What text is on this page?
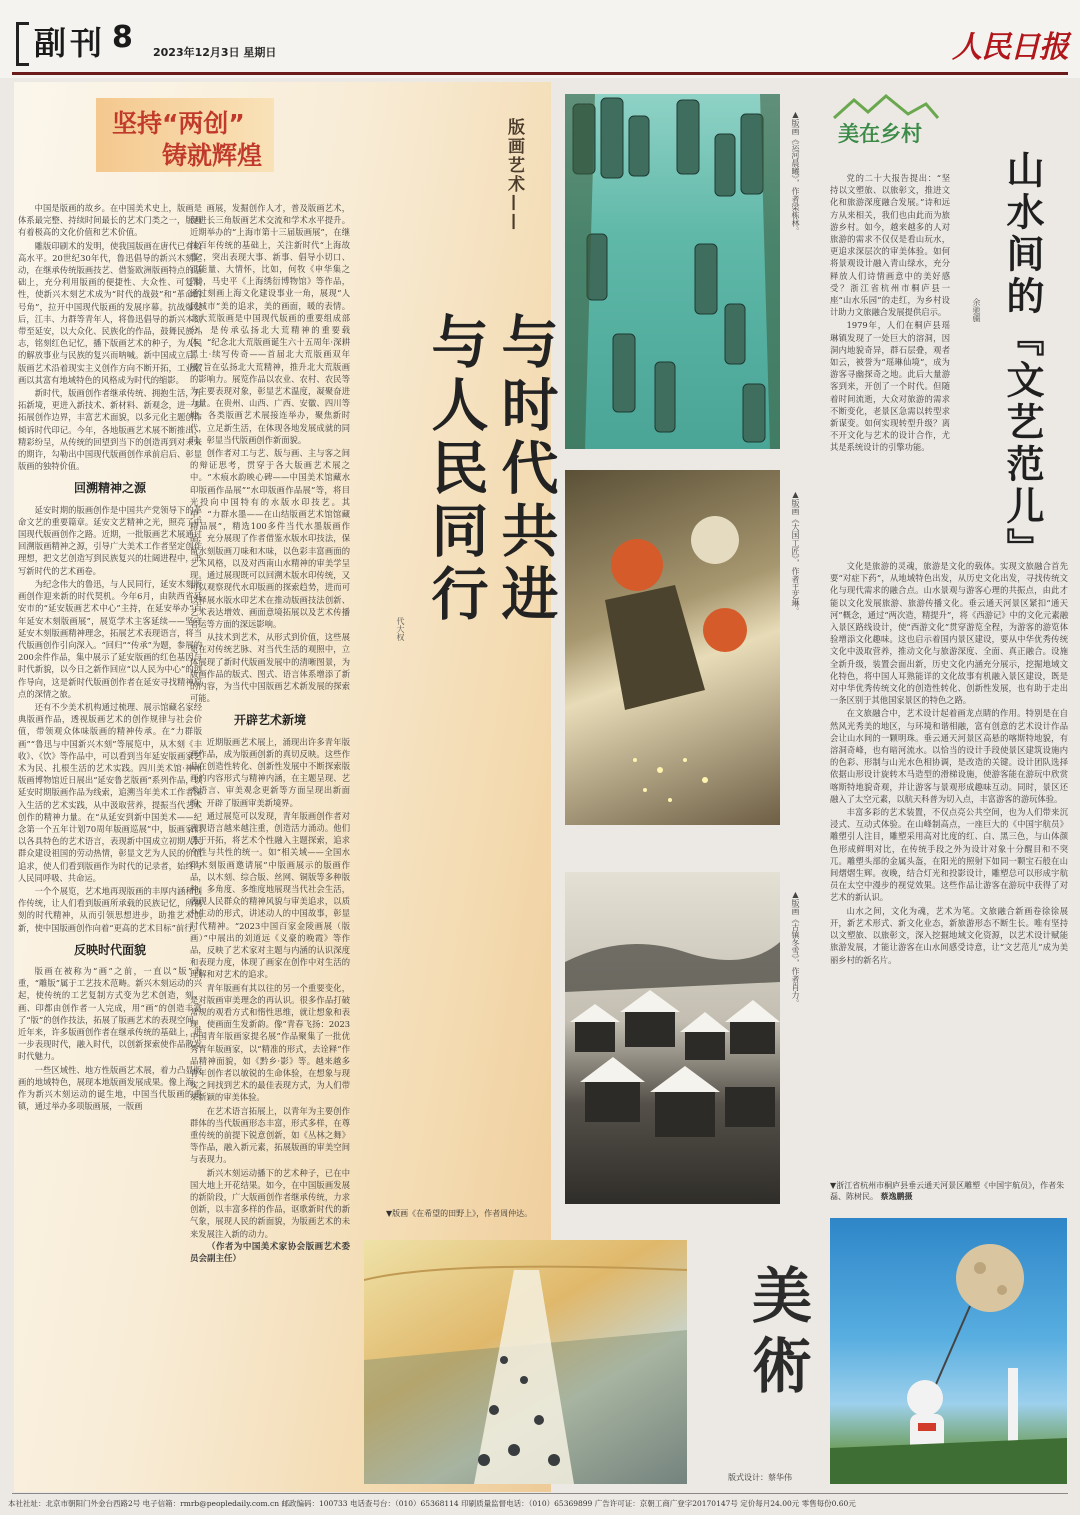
副刊 8 2023年12月3日 星期日	人民日报
坚持“两创”
铸就辉煌	版画艺术——
与时代共进
与人民同行
代大权

中国是版画的故乡。在中国美术史上，版画是体系最完整、持续时间最长的艺术门类之一，版画有着极高的文化价值和艺术价值。

雕版印刷术的发明，使我国版画在唐代已有较高水平。20世纪30年代，鲁迅倡导的新兴木刻运动，在继承传统版画技艺、借鉴欧洲版画特点的基础上，充分利用版画的便捷性、大众性、可复制性，使新兴木刻艺术成为“时代的战鼓”和“革命的号角”，拉开中国现代版画的发展序幕。抗战爆发后，江丰、力群等青年人，将鲁迅倡导的新兴木刻带至延安，以大众化、民族化的作品，鼓舞民族斗志，铭刻红色记忆，播下版画艺术的种子，为人民的解放事业与民族的复兴而呐喊。新中国成立后，版画艺术沿着现实主义创作方向不断开拓，工业版画以其富有地域特色的风格成为时代的缩影。

新时代，版画创作者继承传统、拥抱生活，开拓新境，更进入新技术、新材料、新观念，进一步拓展创作边界，丰富艺术面貌，以多元化主题创作倾诉时代印记。今年，各地版画艺术展不断推出，精彩纷呈，从传统的回望到当下的创造再到对未来的期许，勾勒出中国现代版画创作承前启后、彰显版画的独特价值。

回溯精神之源

延安时期的版画创作是中国共产党领导下的革命文艺的重要篇章。延安文艺精神之光，照亮了中国现代版画创作之路。近期，一批版画艺术展通过回溯版画精神之源，引导广大美术工作者坚定创作理想，把文艺创造写到民族复兴的壮阔进程中，书写新时代的艺术画卷。

为纪念伟大的鲁迅，与人民同行，延安木刻版画创作迎来新的时代契机。今年6月，由陕西省延安市的“延安版画艺术中心”主持，在延安举办“百年延安木刻版画展”，展览学术主客延续——坚守延安木刻版画精神理念，拓展艺术表现语言，将当代版画创作引向深入。“回归”“传承”为题，参展的200余件作品，集中展示了延安版画的红色基因与时代新貌，以今日之新作回应“以人民为中心”的创作导向，这是新时代版画创作者在延安寻找精神原点的深情之旅。

还有不少美术机构通过梳理、展示馆藏名家经典版画作品，透视版画艺术的创作规律与社会价值，带领观众体味版画的精神传承。在“力群版画”“鲁迅与中国新兴木刻”等展览中，从木刻《丰收》、《饮》等作品中，可以看到当年延安版画家艺术为民、扎根生活的艺术实践。四川美术馆·神州版画博物馆近日展出“延安鲁艺版画”系列作品，以延安时期版画作品为线索，追溯当年美术工作者深入生活的艺术实践，从中汲取营养，提振当代艺术创作的精神力量。在“从延安到新中国美术——纪念第一个五年计划70周年版画巡展”中，版画家们以各具特色的艺术语言，表现新中国成立初期人民群众建设祖国的劳动热情，彰显文艺为人民的价值追求，使人们看到版画作为时代的记录者，始终与人民同呼吸、共命运。

一个个展览，艺术地再现版画的丰厚内涵和创作传统，让人们看到版画所承载的民族记忆，所镌刻的时代精神，从而引领思想进步，助推艺术创新，使中国版画创作向着“更高的艺术目标”前行。

反映时代面貌

版画在被称为“画”之前，一直以“版”为重，“雕版”属于工艺技术范畴。新兴木刻运动的兴起，使传统的工艺复制方式变为艺术创造，刻、画、印都由创作者一人完成，用“画”的创造丰富了“版”的创作技法，拓展了版画艺术的表现空间。近年来，许多版画创作者在继承传统的基础上，进一步表现时代，融入时代，以创新探索使作品散发时代魅力。

一些区域性、地方性版画艺术展，着力凸显版画的地域特色，展现本地版画发展成果。像上海，作为新兴木刻运动的诞生地，中国当代版画的重镇，通过举办多项版画展，一版画

画展，发掘创作人才，普及版画艺术，促进长三角版画艺术交流和学术水平提升。近期举办的“上海市第十三届版画展”，在继续百年传统的基础上，关注新时代“上海故事”，突出表现大事、新事、倡导小切口、正能量、大情怀，比如，何牧《申华集之四》，马史平《上海绣衍博物馆》等作品，通过刻画上海文化建设事业一角，展现“人民城市”美的追求，美的画面，暖的表情。北大荒版画是中国现代版画的重要组成部分，是传承弘扬北大荒精神的重要载体。“纪念北大荒版画诞生六十五周年·深耕黑土·续写传奇——首届北大荒版画双年展”旨在弘扬北大荒精神，推升北大荒版画的影响力。展览作品以农业、农村、农民等为主要表现对象，彰显艺术温度，凝聚奋进力量。在贵州、山西、广西、安徽、四川等地，各类版画艺术展接连举办，聚焦新时代，立足新生活，在体现各地发展成就的同时，彰显当代版画创作新面貌。

创作者对工与艺、版与画、主与客之间的辩证思考，贯穿于各大版画艺术展之中。“木痕水韵映心碑——中国美术馆藏水印版画作品展”“水印版画作品展”等，将目光投向中国特有的水版水印技艺。其中，“力群水墨——在山结版画艺术馆馆藏精品展”，精选100多件当代水墨版画作品，充分展现了作者借鉴水版水印技法，保留水刻版画刀味和木味，以色彩丰富画面的艺术风格，以及对西南山水精神的审美学呈现。通过展现既可以回溯木版水印传统，又可以观察现代水印版画的探索趋势，进而可以释展水版水印艺术在推动版画技法创新、艺术表达增效、画面意境拓展以及艺术传播者运等方面的深远影响。

从技术到艺术，从形式到价值，这些展览在对传统艺脉、对当代生活的观照中，立体展现了新时代版画发展中的清晰图景，为版画作品的版式、图式、语言体系增添了新的内容，为当代中国版画艺术新发展的探索可能。

开辟艺术新境

近期版画艺术展上，涌现出许多青年版画作品，成为版画创新的真切反映。这些作品在创造性转化、创新性发展中不断探索版画的内容形式与精神内涵，在主题呈现、艺术语言、审美观念更新等方面呈现出新面貌，开辟了版画审美新境界。

通过展览可以发现，青年版画创作者对表现语言越来越注重，创造活力涌动。他们勇于开拓，将艺术个性融入主题探索，追求个性与共性的统一。如“相关域——全国水印木刻版画邀请展”中版画展示的版画作品，以木刻、综合版、丝网、铜版等多种版种，多角度、多维度地展现当代社会生活，表现人民群众的精神风貌与审美追求，以质朴生动的形式，讲述动人的中国故事，彰显时代精神。“2023中国百家金陵画展（版画）”中展出的刘道远《义豪的晚霞》等作品，反映了艺术家对主题与内涵的认识深度和表现力度，体现了画家在创作中对生活的理解和对艺术的追求。

青年版画有其以往的另一个重要变化，是对版画审美理念的再认识。很多作品打破常规的观看方式和惰性思维，就让想象和表现，使画面生发新韵。像“青春飞扬：2023中国青年版画家提名展”作品聚集了一批优秀青年版画家，以“精准的形式，去诠释”作品精神面貌，如《黔乡·影》等。越来越多青年创作者以敏锐的生命体验，在想象与现实之间找到艺术的最佳表现方式，为人们带来新颖的审美体验。

在艺术语言拓展上，以青年为主要创作群体的当代版画形态丰富，形式多样，在尊重传统的前提下锐意创新，如《丛林之舞》等作品，融入新元素，拓展版画的审美空间与表现力。

新兴木刻运动播下的艺术种子，已在中国大地上开花结果。如今，在中国版画发展的新阶段，广大版画创作者继承传统，力求创新，以丰富多样的作品，讴歌新时代的新气象，展现人民的新面貌，为版画艺术的未来发展注入新的动力。

（作者为中国美术家协会版画艺术委员会副主任）

▲版画《运河晨曦》，作者梁栋林。
▲版画《大国工匠》，作者王艺琳。
▲版画《古镇冬雪》，作者肖力。
▼版画《在希望的田野上》，作者周仲达。
美術
版式设计：蔡华伟
美在乡村
山水间的『文艺范儿』
余驰疆

党的二十大报告提出：“坚持以文塑旅、以旅彰文，推进文化和旅游深度融合发展。”诗和远方从来相关，我们也由此而为旅游乡村。如今，越来越多的人对旅游的需求不仅仅是看山玩水，更追求深层次的审美体验。如何将景观设计融入青山绿水，充分释放人们诗情画意中的美好感受？浙江省杭州市桐庐县一座“山水乐园”的走红，为乡村设计助力文旅融合发展提供启示。

1979年，人们在桐庐县瑶琳镇发现了一处巨大的溶洞，因洞内地貌奇异，群石层叠，观者如云，被誉为“瑶琳仙境”，成为游客寻幽探奇之地。此后大量游客到来，开创了一个时代。但随着时间流逝，大众对旅游的需求不断变化，老景区急需以转型求新谋变。如何实现转型升级？离不开文化与艺术的设计合作，尤其是系统设计的引擎功能。

文化是旅游的灵魂，旅游是文化的载体。实现文旅融合首先要“对症下药”，从地域特色出发，从历史文化出发，寻找传统文化与现代需求的融合点。山水景观与游客心理的共振点，由此才能以文化发展旅游、旅游传播文化。垂云通天河景区紧扣“通天河”概念，通过“两次造，精提升”，将《西游记》中的文化元素融入景区路线设计，使“西游文化”贯穿游览全程，为游客的游览体验增添文化趣味。这也启示着国内景区建设，要从中华优秀传统文化中汲取营养，推动文化与旅游深度、全面、真正融合。设施全新升级，装置会面出新，历史文化内涵充分展示，挖掘地域文化特色，将中国人耳熟能详的文化故事有机融入景区建设，既是对中华优秀传统文化的创造性转化、创新性发展，也有助于走出一条区别于其他国家景区的特色之路。

在文旅融合中，艺术设计起着画龙点睛的作用。特别是在自然风光秀美的地区，与环境和谐相融，富有创意的艺术设计作品会让山水间的一颗明珠。垂云通天河景区高悬的喀斯特地貌，有溶洞奇峰，也有暗河流水。以恰当的设计手段使景区建筑设施内的色彩、形制与山光水色相协调，是改造的关键。设计团队选择依据山形设计旋转木马造型的滑梯设施，使游客能在游玩中欣赏喀斯特地貌奇观，并让游客与景观形成趣味互动。同时，景区还融入了太空元素，以航天科普为切入点，丰富游客的游玩体验。

丰富多彩的艺术装置，不仅点亮公共空间，也为人们带来沉浸式、互动式体验。在山峰制高点，一座巨大的《中国宇航员》雕塑引人注目，雕塑采用高对比度的红、白、黑三色，与山体颜色形成鲜明对比，在传统手段之外为设计对象十分醒目和不突兀。雕塑头部的金属头盔，在阳光的照射下如同一颗宝石般在山间熠熠生辉。夜晚，结合灯光和投影设计，雕塑总可以形成宇航员在太空中漫步的视觉效果。这些作品让游客在游玩中获得了对艺术的新认识。

山水之间，文化为魂，艺术为笔。文旅融合新画卷徐徐展开，新艺术形式、新文化业态，新旅游形态不断生长。唯有坚持以文塑旅、以旅彰文，深入挖掘地域文化资源，以艺术设计赋能旅游发展，才能让游客在山水间感受诗意，让“文艺范儿”成为美丽乡村的新名片。

▼浙江省杭州市桐庐县垂云通天河景区雕塑《中国宇航员》，作者朱磊、陈树民。 蔡逸鹏摄
本社社址：北京市朝阳门外金台西路2号 电子信箱：rmrb@peopledaily.com.cn 邮政编码：100733 电话查号台：（010）65368114 印刷质量监督电话：（010）65369899 广告许可证：京朝工商广登字20170147号 定价每月24.00元 零售每份0.60元
